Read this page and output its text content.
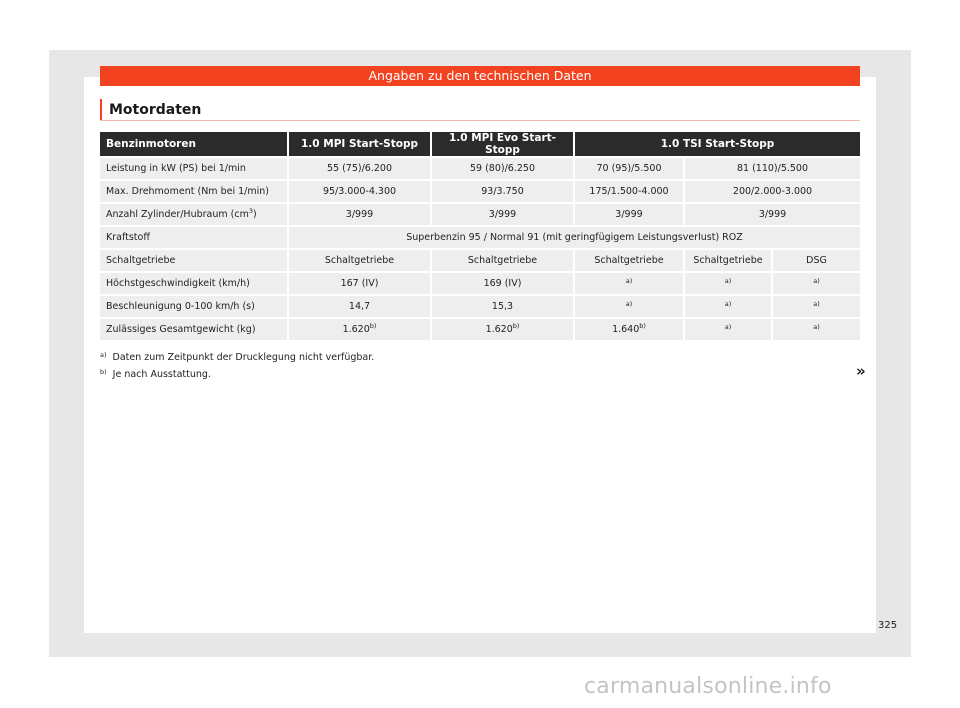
Angaben zu den technischen Daten
Motordaten
Benzinmotoren	1.0 MPI Start-Stopp	1.0 MPI Evo Start-Stopp	1.0 TSI Start-Stopp		
Leistung in kW (PS) bei 1/min	55 (75)/6.200	59 (80)/6.250	70 (95)/5.500	81 (110)/5.500	
Max. Drehmoment (Nm bei 1/min)	95/3.000-4.300	93/3.750	175/1.500-4.000	200/2.000-3.000	
Anzahl Zylinder/Hubraum $(cm^3)$	3/999	3/999	3/999	3/999	
Kraftstoff	Superbenzin 95 / Normal 91 (mit geringfügigem Leistungsverlust) ROZ				
Schaltgetriebe	Schaltgetriebe	Schaltgetriebe	Schaltgetriebe	Schaltgetriebe	DSG
Höchstgeschwindigkeit (km/h)	167 (IV)	169 (IV)	$^{a)}$	$^{a)}$	$^{a)}$
Beschleunigung 0-100 km/h (s)	14,7	15,3	$^{a)}$	$^{a)}$	$^{a)}$
Zulässiges Gesamtgewicht (kg)	1.620$^{b)}$	1.620$^{b)}$	1.640$^{b)}$	$^{a)}$	$^{a)}$
$^{a)}$ Daten zum Zeitpunkt der Drucklegung nicht verfügbar.
$^{b)}$ Je nach Ausstattung.	»
325
carmanualsonline.info
